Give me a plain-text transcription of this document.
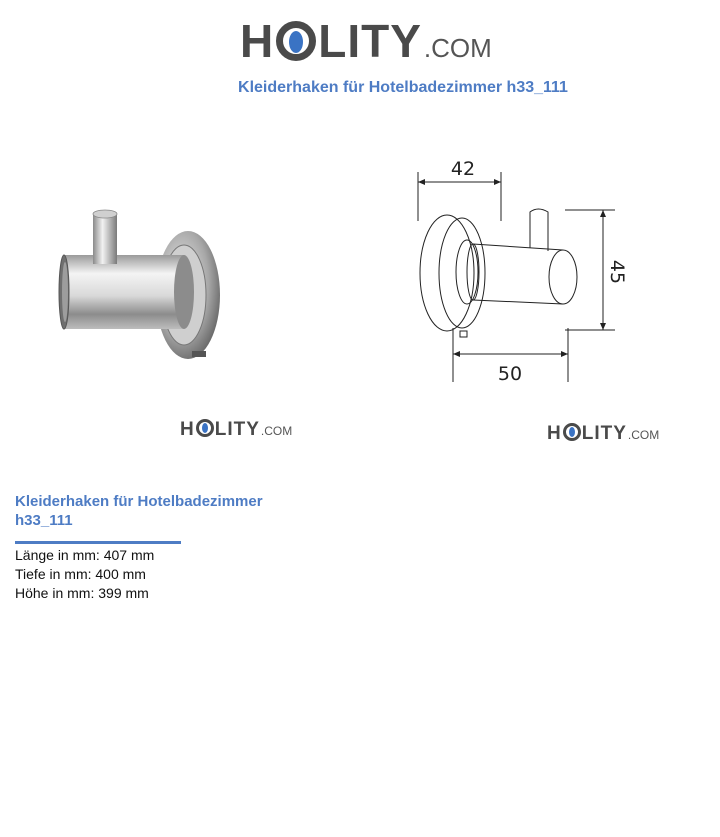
H LITY .COM
Kleiderhaken für Hotelbadezimmer h33_111
42
45
50
H LITY .COM	H LITY .COM
Kleiderhaken für Hotelbadezimmer h33_111
Länge in mm: 407 mm
Tiefe in mm: 400 mm
Höhe in mm: 399 mm
